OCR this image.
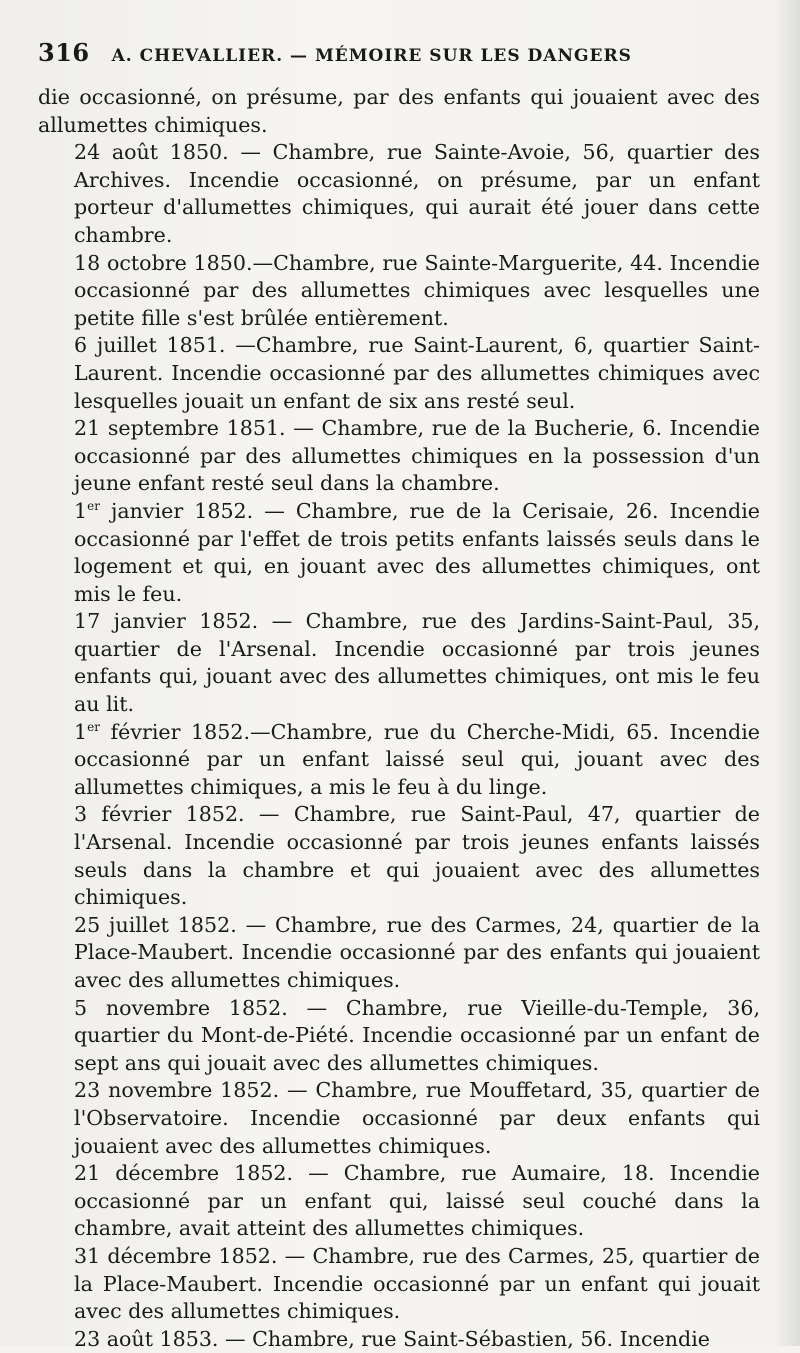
316 A. CHEVALLIER. — MÉMOIRE SUR LES DANGERS

die occasionné, on présume, par des enfants qui jouaient avec des allumettes chimiques.

24 août 1850. — Chambre, rue Sainte-Avoie, 56, quartier des Archives. Incendie occasionné, on présume, par un enfant porteur d'allumettes chimiques, qui aurait été jouer dans cette chambre.

18 octobre 1850.—Chambre, rue Sainte-Marguerite, 44. Incendie occasionné par des allumettes chimiques avec lesquelles une petite fille s'est brûlée entièrement.

6 juillet 1851. —Chambre, rue Saint-Laurent, 6, quartier Saint-Laurent. Incendie occasionné par des allumettes chimiques avec lesquelles jouait un enfant de six ans resté seul.

21 septembre 1851. — Chambre, rue de la Bucherie, 6. Incendie occasionné par des allumettes chimiques en la possession d'un jeune enfant resté seul dans la chambre.

1er janvier 1852. — Chambre, rue de la Cerisaie, 26. Incendie occasionné par l'effet de trois petits enfants laissés seuls dans le logement et qui, en jouant avec des allumettes chimiques, ont mis le feu.

17 janvier 1852. — Chambre, rue des Jardins-Saint-Paul, 35, quartier de l'Arsenal. Incendie occasionné par trois jeunes enfants qui, jouant avec des allumettes chimiques, ont mis le feu au lit.

1er février 1852.—Chambre, rue du Cherche-Midi, 65. Incendie occasionné par un enfant laissé seul qui, jouant avec des allumettes chimiques, a mis le feu à du linge.

3 février 1852. — Chambre, rue Saint-Paul, 47, quartier de l'Arsenal. Incendie occasionné par trois jeunes enfants laissés seuls dans la chambre et qui jouaient avec des allumettes chimiques.

25 juillet 1852. — Chambre, rue des Carmes, 24, quartier de la Place-Maubert. Incendie occasionné par des enfants qui jouaient avec des allumettes chimiques.

5 novembre 1852. — Chambre, rue Vieille-du-Temple, 36, quartier du Mont-de-Piété. Incendie occasionné par un enfant de sept ans qui jouait avec des allumettes chimiques.

23 novembre 1852. — Chambre, rue Mouffetard, 35, quartier de l'Observatoire. Incendie occasionné par deux enfants qui jouaient avec des allumettes chimiques.

21 décembre 1852. — Chambre, rue Aumaire, 18. Incendie occasionné par un enfant qui, laissé seul couché dans la chambre, avait atteint des allumettes chimiques.

31 décembre 1852. — Chambre, rue des Carmes, 25, quartier de la Place-Maubert. Incendie occasionné par un enfant qui jouait avec des allumettes chimiques.

23 août 1853. — Chambre, rue Saint-Sébastien, 56. Incendie
